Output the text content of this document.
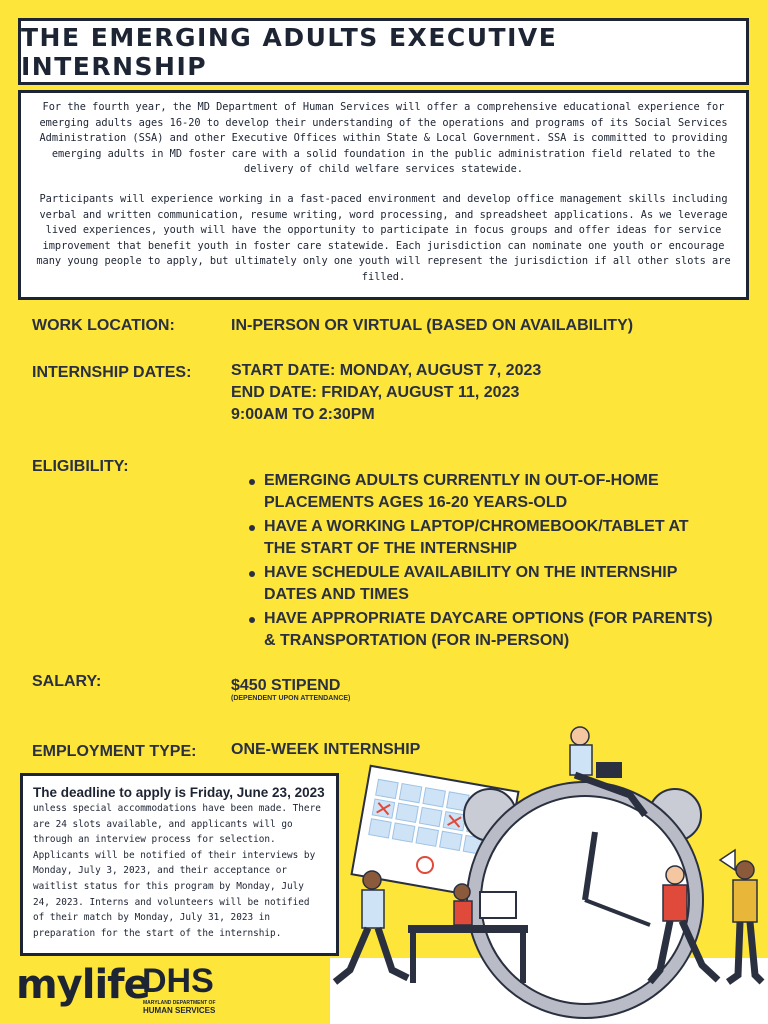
THE EMERGING ADULTS EXECUTIVE INTERNSHIP

For the fourth year, the MD Department of Human Services will offer a comprehensive educational experience for emerging adults ages 16-20 to develop their understanding of the operations and programs of its Social Services Administration (SSA) and other Executive Offices within State & Local Government. SSA is committed to providing emerging adults in MD foster care with a solid foundation in the public administration field related to the delivery of child welfare services statewide.

Participants will experience working in a fast-paced environment and develop office management skills including verbal and written communication, resume writing, word processing, and spreadsheet applications. As we leverage lived experiences, youth will have the opportunity to participate in focus groups and offer ideas for service improvement that benefit youth in foster care statewide. Each jurisdiction can nominate one youth or encourage many young people to apply, but ultimately only one youth will represent the jurisdiction if all other slots are filled.

WORK LOCATION:	IN-PERSON OR VIRTUAL (BASED ON AVAILABILITY)
INTERNSHIP DATES: START DATE: MONDAY, AUGUST 7, 2023
END DATE: FRIDAY, AUGUST 11, 2023
9:00AM TO 2:30PM
ELIGIBILITY:
EMERGING ADULTS CURRENTLY IN OUT-OF-HOME PLACEMENTS AGES 16-20 YEARS-OLD
HAVE A WORKING LAPTOP/CHROMEBOOK/TABLET AT THE START OF THE INTERNSHIP
HAVE SCHEDULE AVAILABILITY ON THE INTERNSHIP DATES AND TIMES
HAVE APPROPRIATE DAYCARE OPTIONS (FOR PARENTS) & TRANSPORTATION (FOR IN-PERSON)
SALARY:	$450 STIPEND
(DEPENDENT UPON ATTENDANCE)
EMPLOYMENT TYPE: ONE-WEEK INTERNSHIP
The deadline to apply is Friday, June 23, 2023
unless special accommodations have been made. There are 24 slots available, and applicants will go through an interview process for selection. Applicants will be notified of their interviews by Monday, July 3, 2023, and their acceptance or waitlist status for this program by Monday, July 24, 2023. Interns and volunteers will be notified of their match by Monday, July 31, 2023 in preparation for the start of the internship.
mylife
DHS
MARYLAND DEPARTMENT OF
HUMAN SERVICES
